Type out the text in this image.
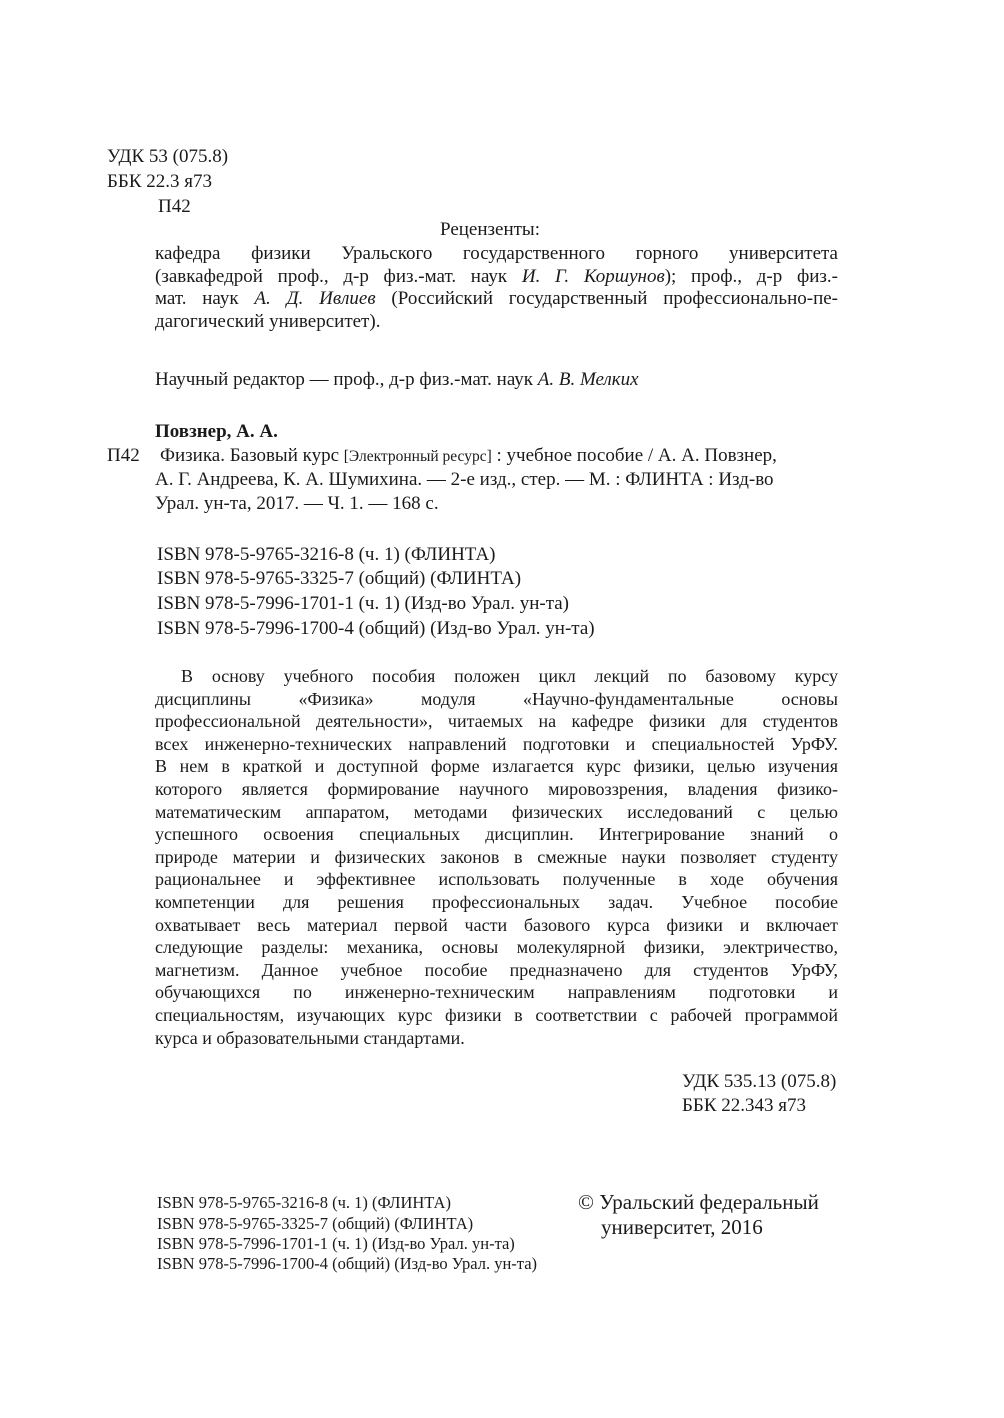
УДК 53 (075.8)
ББК 22.3 я73
П42
Рецензенты:
кафедра физики Уральского государственного горного университета
(завкафедрой проф., д-р физ.-мат. наук И. Г. Коршунов); проф., д-р физ.-
мат. наук А. Д. Ивлиев (Российский государственный профессионально-пе-
дагогический университет).
Научный редактор — проф., д-р физ.-мат. наук А. В. Мелких
Повзнер, А. А.
П42 Физика. Базовый курс [Электронный ресурс] : учебное пособие / А. А. Повзнер,
А. Г. Андреева, К. А. Шумихина. — 2-е изд., стер. — М. : ФЛИНТА : Изд-во
Урал. ун-та, 2017. — Ч. 1. — 168 с.
ISBN 978-5-9765-3216-8 (ч. 1) (ФЛИНТА)
ISBN 978-5-9765-3325-7 (общий) (ФЛИНТА)
ISBN 978-5-7996-1701-1 (ч. 1) (Изд-во Урал. ун-та)
ISBN 978-5-7996-1700-4 (общий) (Изд-во Урал. ун-та)
В основу учебного пособия положен цикл лекций по базовому курсу
дисциплины «Физика» модуля «Научно-фундаментальные основы
профессиональной деятельности», читаемых на кафедре физики для студентов
всех инженерно-технических направлений подготовки и специальностей УрФУ.
В нем в краткой и доступной форме излагается курс физики, целью изучения
которого является формирование научного мировоззрения, владения физико-
математическим аппаратом, методами физических исследований с целью
успешного освоения специальных дисциплин. Интегрирование знаний о
природе материи и физических законов в смежные науки позволяет студенту
рациональнее и эффективнее использовать полученные в ходе обучения
компетенции для решения профессиональных задач. Учебное пособие
охватывает весь материал первой части базового курса физики и включает
следующие разделы: механика, основы молекулярной физики, электричество,
магнетизм. Данное учебное пособие предназначено для студентов УрФУ,
обучающихся по инженерно-техническим направлениям подготовки и
специальностям, изучающих курс физики в соответствии с рабочей программой
курса и образовательными стандартами.
УДК 535.13 (075.8)
ББК 22.343 я73
ISBN 978-5-9765-3216-8 (ч. 1) (ФЛИНТА)
ISBN 978-5-9765-3325-7 (общий) (ФЛИНТА)
ISBN 978-5-7996-1701-1 (ч. 1) (Изд-во Урал. ун-та)
ISBN 978-5-7996-1700-4 (общий) (Изд-во Урал. ун-та)
© Уральский федеральный
университет, 2016
